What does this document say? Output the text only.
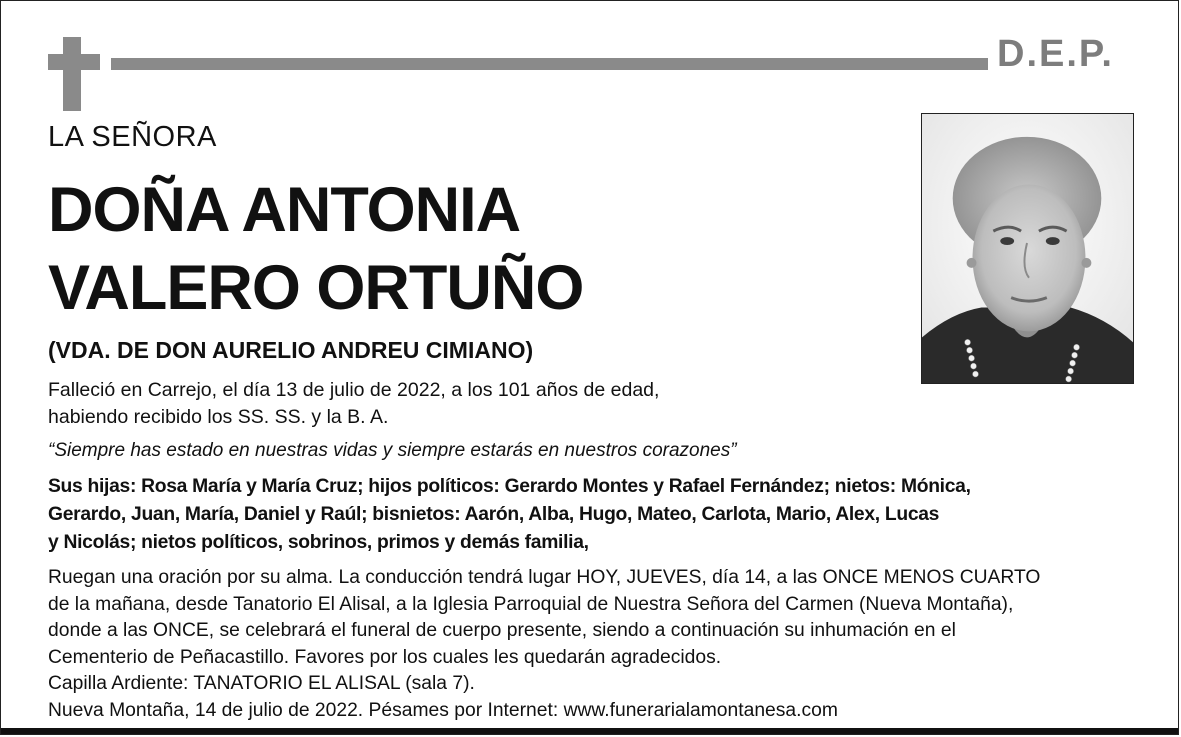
D.E.P.
LA SEÑORA
DOÑA ANTONIA
VALERO ORTUÑO
(VDA. DE DON AURELIO ANDREU CIMIANO)
Falleció en Carrejo, el día 13 de julio de 2022, a los 101 años de edad,
habiendo recibido los SS. SS. y la B. A.
“Siempre has estado en nuestras vidas y siempre estarás en nuestros corazones”
Sus hijas: Rosa María y María Cruz; hijos políticos: Gerardo Montes y Rafael Fernández; nietos: Mónica,
Gerardo, Juan, María, Daniel y Raúl; bisnietos: Aarón, Alba, Hugo, Mateo, Carlota, Mario, Alex, Lucas
y Nicolás; nietos políticos, sobrinos, primos y demás familia,
Ruegan una oración por su alma. La conducción tendrá lugar HOY, JUEVES, día 14, a las ONCE MENOS CUARTO
de la mañana, desde Tanatorio El Alisal, a la Iglesia Parroquial de Nuestra Señora del Carmen (Nueva Montaña),
donde a las ONCE, se celebrará el funeral de cuerpo presente, siendo a continuación su inhumación en el
Cementerio de Peñacastillo. Favores por los cuales les quedarán agradecidos.
Capilla Ardiente: TANATORIO EL ALISAL (sala 7).
Nueva Montaña, 14 de julio de 2022. Pésames por Internet: www.funerarialamontanesa.com
